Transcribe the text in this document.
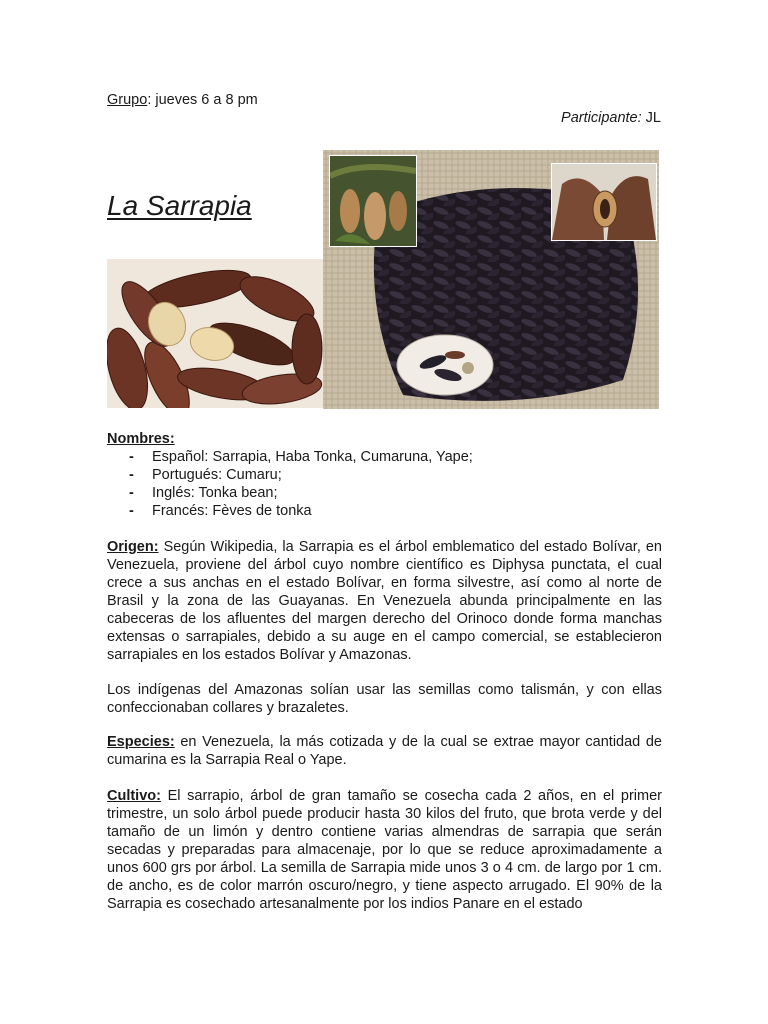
Grupo: jueves 6 a 8 pm
Participante: JL
La Sarrapia
Nombres:
- Español: Sarrapia, Haba Tonka, Cumaruna, Yape;
- Portugués: Cumaru;
- Inglés: Tonka bean;
- Francés: Fèves de tonka
Origen: Según Wikipedia, la Sarrapia es el árbol emblematico del estado Bolívar, en Venezuela, proviene del árbol cuyo nombre científico es Diphysa punctata, el cual crece a sus anchas en el estado Bolívar, en forma silvestre, así como al norte de Brasil y la zona de las Guayanas. En Venezuela abunda principalmente en las cabeceras de los afluentes del margen derecho del Orinoco donde forma manchas extensas o sarrapiales, debido a su auge en el campo comercial, se establecieron sarrapiales en los estados Bolívar y Amazonas.
Los indígenas del Amazonas solían usar las semillas como talismán, y con ellas confeccionaban collares y brazaletes.
Especies: en Venezuela, la más cotizada y de la cual se extrae mayor cantidad de cumarina es la Sarrapia Real o Yape.
Cultivo: El sarrapio, árbol de gran tamaño se cosecha cada 2 años, en el primer trimestre, un solo árbol puede producir hasta 30 kilos del fruto, que brota verde y del tamaño de un limón y dentro contiene varias almendras de sarrapia que serán secadas y preparadas para almacenaje, por lo que se reduce aproximadamente a unos 600 grs por árbol. La semilla de Sarrapia mide unos 3 o 4 cm. de largo por 1 cm. de ancho, es de color marrón oscuro/negro, y tiene aspecto arrugado. El 90% de la Sarrapia es cosechado artesanalmente por los indios Panare en el estado
